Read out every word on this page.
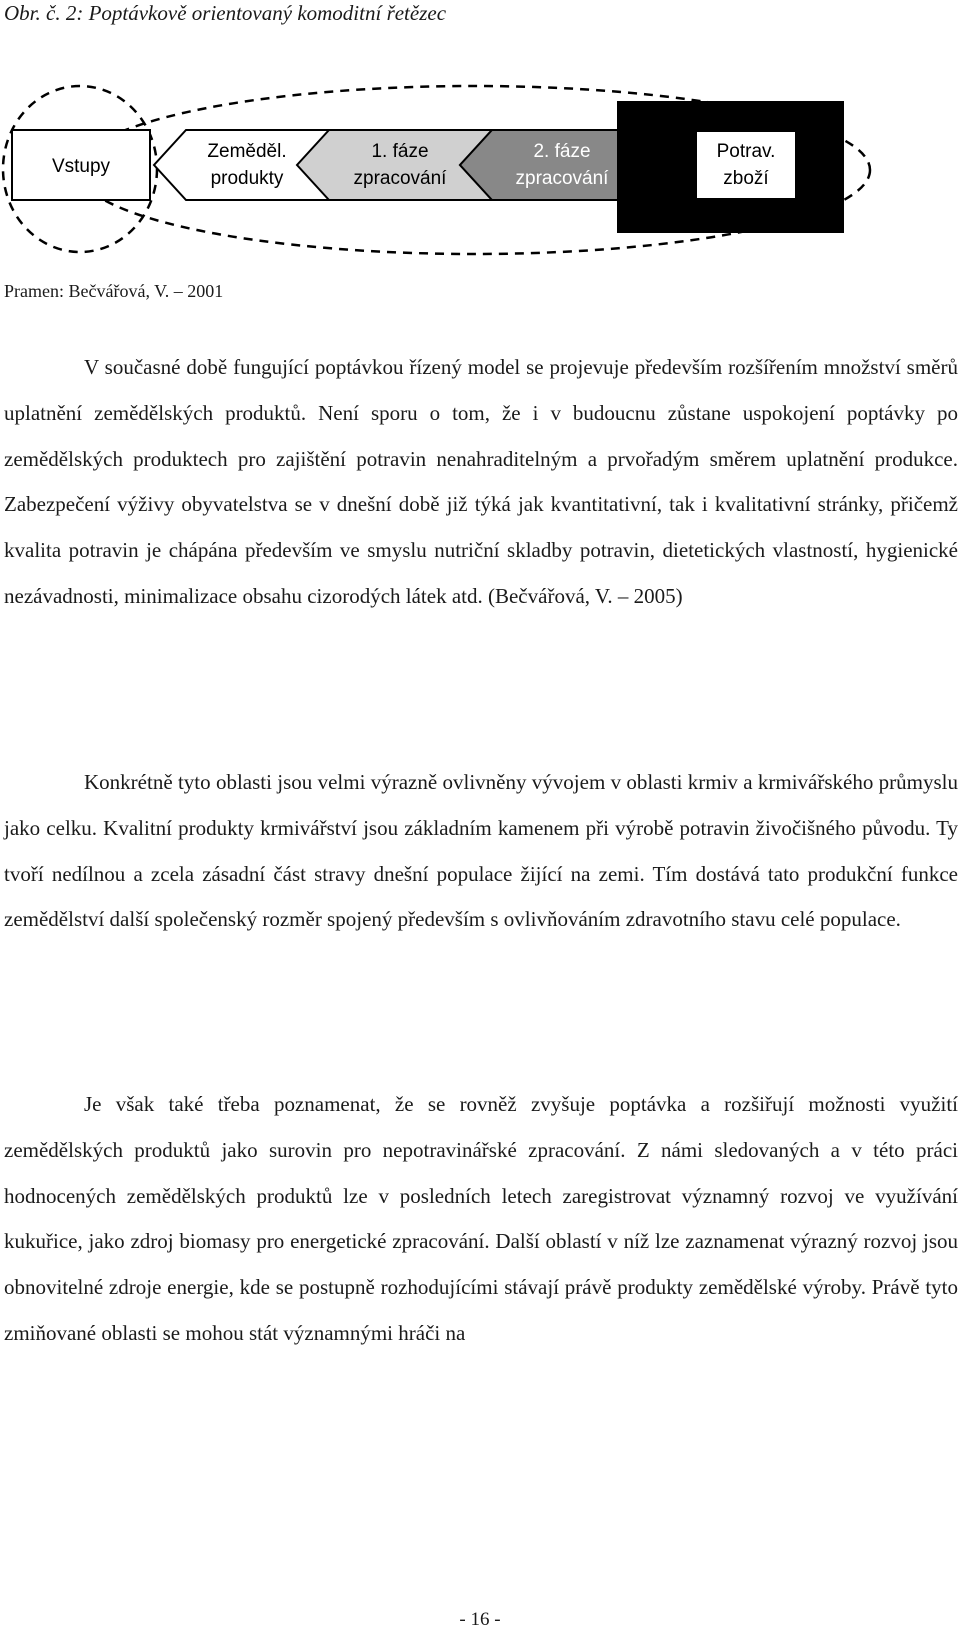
Obr. č. 2: Poptávkově orientovaný komoditní řetězec
Vstupy
Zeměděl.
produkty
1. fáze
zpracování
2. fáze
zpracování
Potrav.
zboží
Pramen: Bečvářová, V. – 2001

V současné době fungující poptávkou řízený model se projevuje především rozšířením množství směrů uplatnění zemědělských produktů. Není sporu o tom, že i v budoucnu zůstane uspokojení poptávky po zemědělských produktech pro zajištění potravin nenahraditelným a prvořadým směrem uplatnění produkce. Zabezpečení výživy obyvatelstva se v dnešní době již týká jak kvantitativní, tak i kvalitativní stránky, přičemž kvalita potravin je chápána především ve smyslu nutriční skladby potravin, dietetických vlastností, hygienické nezávadnosti, minimalizace obsahu cizorodých látek atd. (Bečvářová, V. – 2005)

Konkrétně tyto oblasti jsou velmi výrazně ovlivněny vývojem v oblasti krmiv a krmivářského průmyslu jako celku. Kvalitní produkty krmivářství jsou základním kamenem při výrobě potravin živočišného původu. Ty tvoří nedílnou a zcela zásadní část stravy dnešní populace žijící na zemi. Tím dostává tato produkční funkce zemědělství další společenský rozměr spojený především s ovlivňováním zdravotního stavu celé populace.

Je však také třeba poznamenat, že se rovněž zvyšuje poptávka a rozšiřují možnosti využití zemědělských produktů jako surovin pro nepotravinářské zpracování. Z námi sledovaných a v této práci hodnocených zemědělských produktů lze v posledních letech zaregistrovat významný rozvoj ve využívání kukuřice, jako zdroj biomasy pro energetické zpracování. Další oblastí v níž lze zaznamenat výrazný rozvoj jsou obnovitelné zdroje energie, kde se postupně rozhodujícími stávají právě produkty zemědělské výroby. Právě tyto zmiňované oblasti se mohou stát významnými hráči na

- 16 -
